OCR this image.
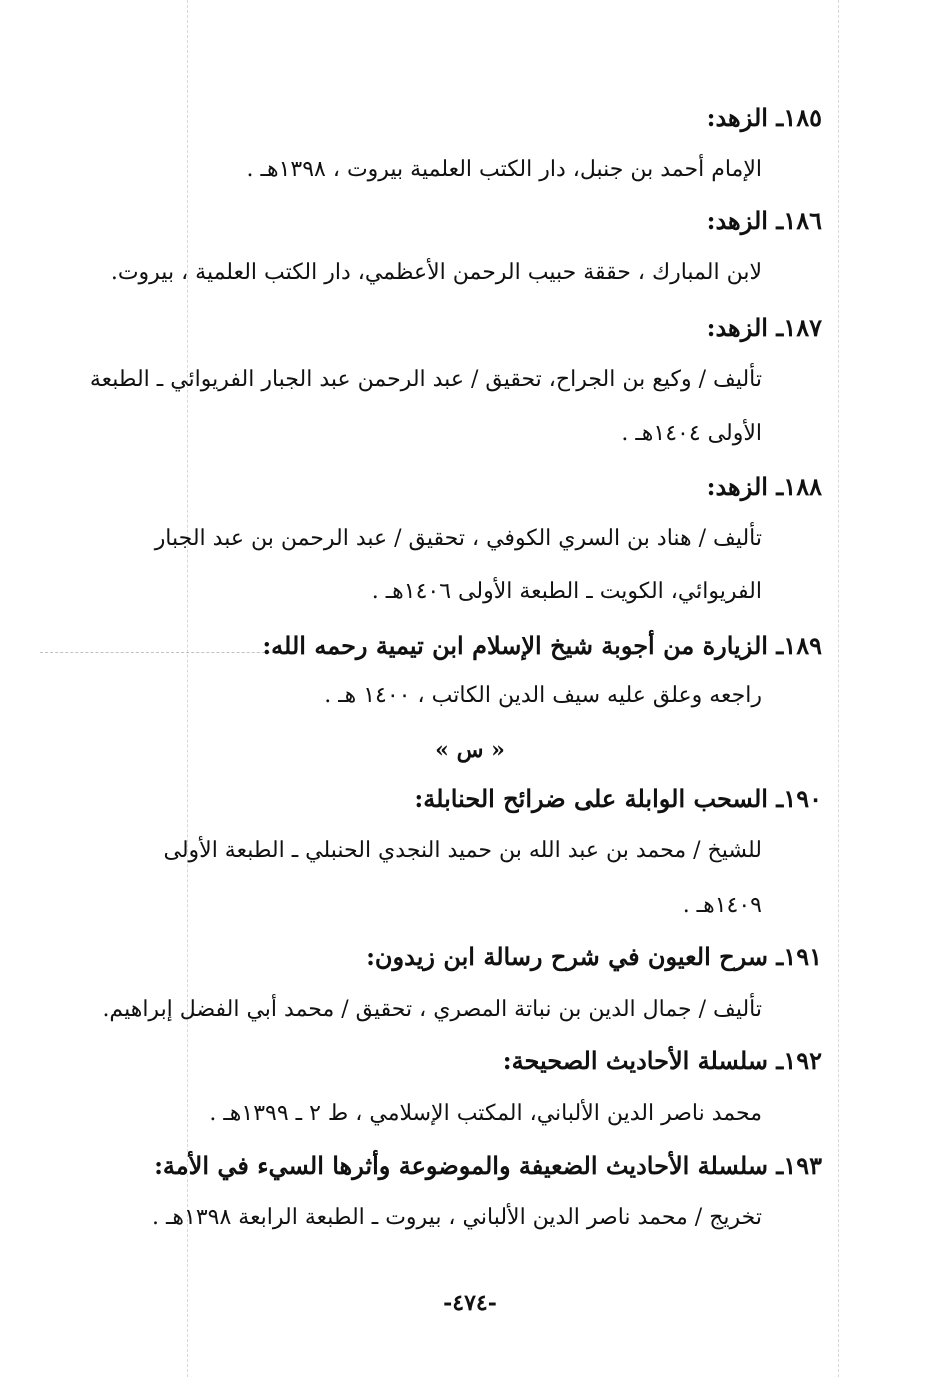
١٨٥ـ الزهد:
الإمام أحمد بن جنبل، دار الكتب العلمية بيروت ، ١٣٩٨هـ .
١٨٦ـ الزهد:
لابن المبارك ، حققة حبيب الرحمن الأعظمي، دار الكتب العلمية ، بيروت.
١٨٧ـ الزهد:
تأليف / وكيع بن الجراح، تحقيق / عبد الرحمن عبد الجبار الفريوائي ـ الطبعة
الأولى ١٤٠٤هـ .
١٨٨ـ الزهد:
تأليف / هناد بن السري الكوفي ، تحقيق / عبد الرحمن بن عبد الجبار
الفريوائي، الكويت ـ الطبعة الأولى ١٤٠٦هـ .
١٨٩ـ الزيارة من أجوبة شيخ الإسلام ابن تيمية رحمه الله:
راجعه وعلق عليه سيف الدين الكاتب ، ١٤٠٠ هـ .
« س »
١٩٠ـ السحب الوابلة على ضرائح الحنابلة:
للشيخ / محمد بن عبد الله بن حميد النجدي الحنبلي ـ الطبعة الأولى
١٤٠٩هـ .
١٩١ـ سرح العيون في شرح رسالة ابن زيدون:
تأليف / جمال الدين بن نباتة المصري ، تحقيق / محمد أبي الفضل إبراهيم.
١٩٢ـ سلسلة الأحاديث الصحيحة:
محمد ناصر الدين الألباني، المكتب الإسلامي ، ط ٢ ـ ١٣٩٩هـ .
١٩٣ـ سلسلة الأحاديث الضعيفة والموضوعة وأثرها السيء في الأمة:
تخريج / محمد ناصر الدين الألباني ، بيروت ـ الطبعة الرابعة ١٣٩٨هـ .
-٤٧٤-
